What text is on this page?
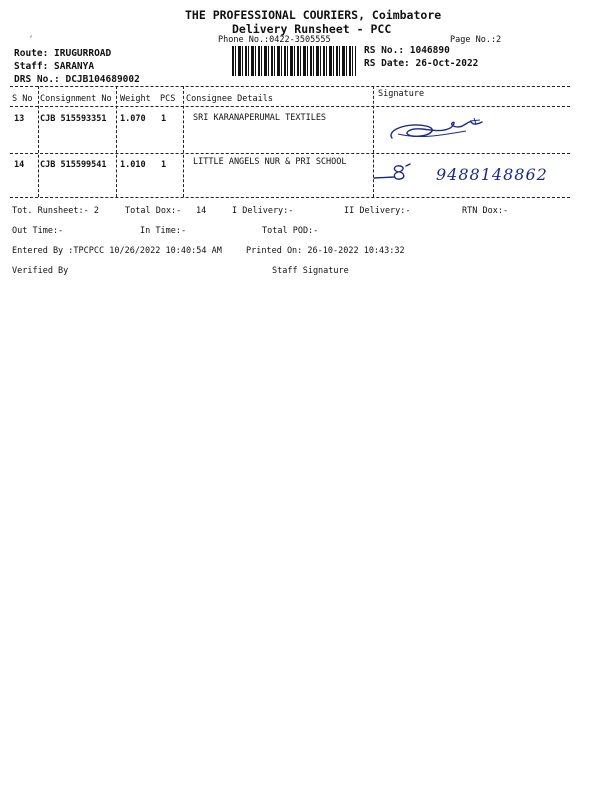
⸴
THE PROFESSIONAL COURIERS, Coimbatore
Delivery Runsheet - PCC
Phone No.:0422-3505555	Page No.:2
Route: IRUGURROAD
Staff: SARANYA
DRS No.: DCJB104689002
RS No.: 1046890
RS Date: 26-Oct-2022
S No Consignment No Weight PCS Consignee Details	Signature
13 CJB 515593351 1.070 1	SRI KARANAPERUMAL TEXTILES
14 CJB 515599541 1.010 1	LITTLE ANGELS NUR & PRI SCHOOL
9488148862
Tot. Runsheet:- 2	Total Dox:- 14	I Delivery:-	II Delivery:-	RTN Dox:-
Out Time:-	In Time:-	Total POD:-
Entered By :TPCPCC 10/26/2022 10:40:54 AM	Printed On: 26-10-2022 10:43:32
Verified By	Staff Signature
